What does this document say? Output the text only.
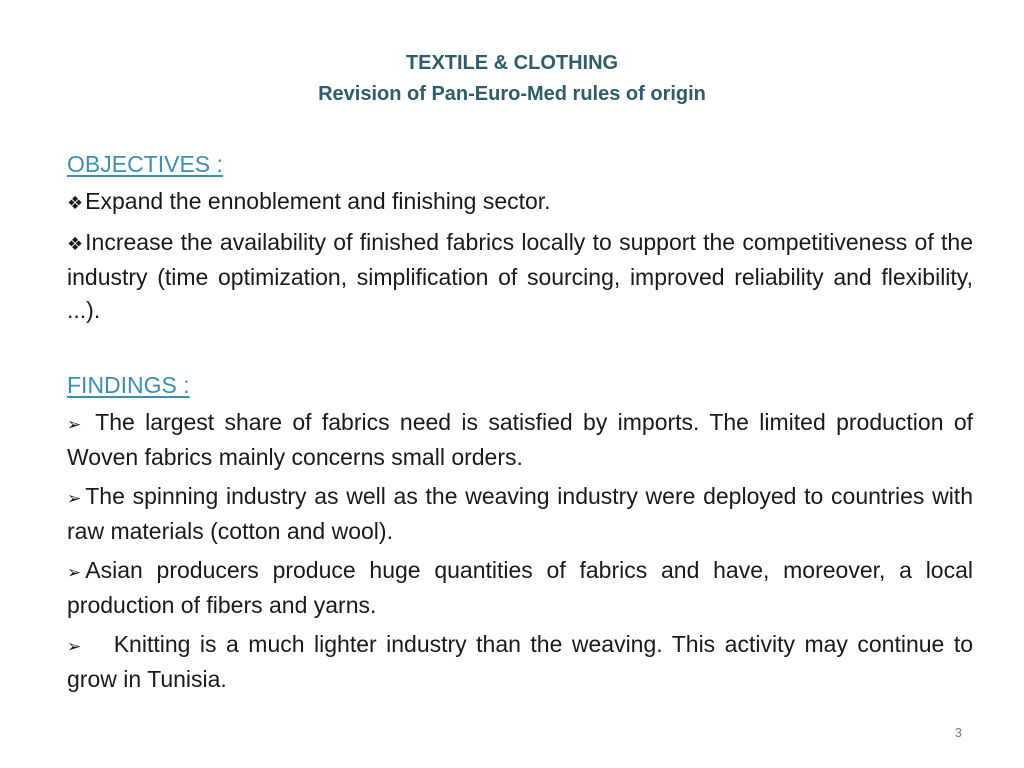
TEXTILE & CLOTHING
Revision of Pan-Euro-Med rules of origin
OBJECTIVES :
❖Expand the ennoblement and finishing sector.
❖Increase the availability of finished fabrics locally to support the competitiveness of the industry (time optimization, simplification of sourcing, improved reliability and flexibility, ...).
FINDINGS :
➢ The largest share of fabrics need is satisfied by imports. The limited production of Woven fabrics mainly concerns small orders.
➢ The spinning industry as well as the weaving industry were deployed to countries with raw materials (cotton and wool).
➢ Asian producers produce huge quantities of fabrics and have, moreover, a local production of fibers and yarns.
➢ Knitting is a much lighter industry than the weaving. This activity may continue to grow in Tunisia.
3
